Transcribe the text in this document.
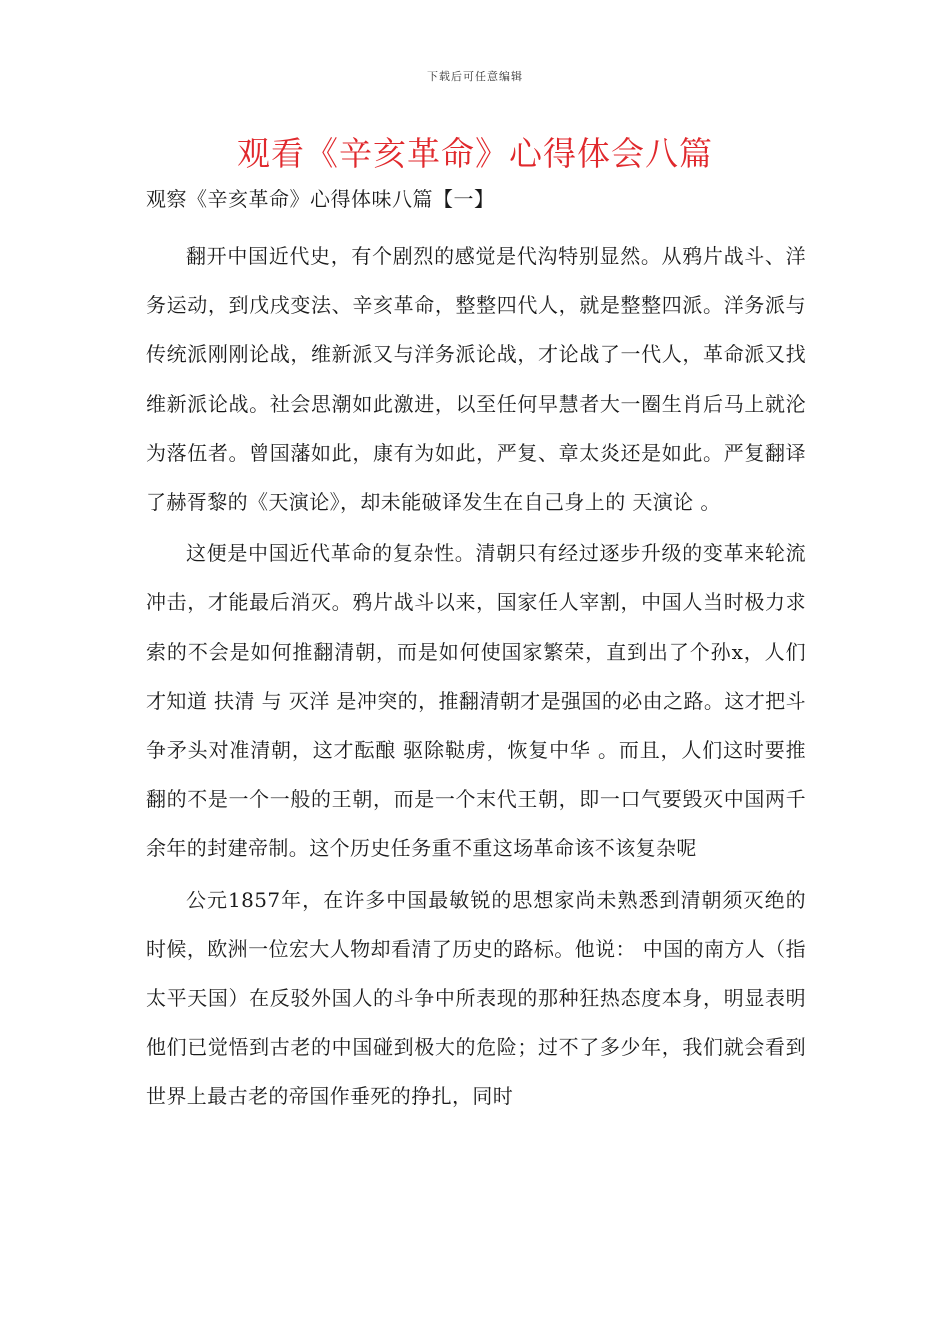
下载后可任意编辑
观看《辛亥革命》心得体会八篇
观察《辛亥革命》心得体味八篇【一】

翻开中国近代史，有个剧烈的感觉是代沟特别显然。从鸦片战斗、洋务运动，到戊戌变法、辛亥革命，整整四代人，就是整整四派。洋务派与传统派刚刚论战，维新派又与洋务派论战，才论战了一代人，革命派又找维新派论战。社会思潮如此激进，以至任何早慧者大一圈生肖后马上就沦为落伍者。曾国藩如此，康有为如此，严复、章太炎还是如此。严复翻译了赫胥黎的《天演论》，却未能破译发生在自己身上的 天演论 。

这便是中国近代革命的复杂性。清朝只有经过逐步升级的变革来轮流冲击，才能最后消灭。鸦片战斗以来，国家任人宰割，中国人当时极力求索的不会是如何推翻清朝，而是如何使国家繁荣，直到出了个孙x，人们才知道 扶清 与 灭洋 是冲突的，推翻清朝才是强国的必由之路。这才把斗争矛头对准清朝，这才酝酿 驱除鞑虏，恢复中华 。而且，人们这时要推翻的不是一个一般的王朝，而是一个末代王朝，即一口气要毁灭中国两千余年的封建帝制。这个历史任务重不重这场革命该不该复杂呢

公元1857年，在许多中国最敏锐的思想家尚未熟悉到清朝须灭绝的时候，欧洲一位宏大人物却看清了历史的路标。他说： 中国的南方人（指太平天国）在反驳外国人的斗争中所表现的那种狂热态度本身，明显表明他们已觉悟到古老的中国碰到极大的危险；过不了多少年，我们就会看到世界上最古老的帝国作垂死的挣扎，同时
